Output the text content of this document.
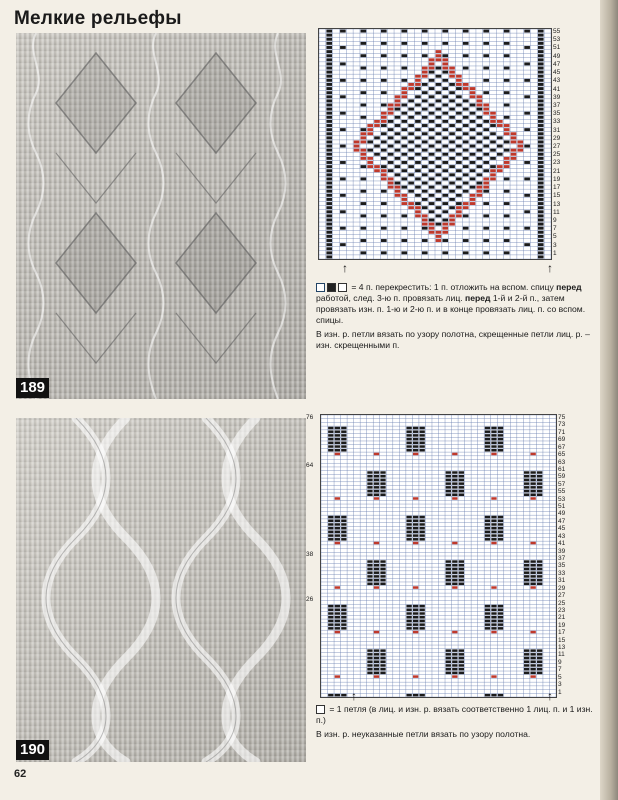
Мелкие рельефы
189
55
53
51
49
47
45
43
41
39
37
35
33
31
29
27
25
23
21
19
17
15
13
11
9
7
5
3
1
↑	↑

= 4 п. перекрестить: 1 п. отложить на вспом. спицу перед работой, след. 3-ю п. провязать лиц. перед 1-й и 2-й п., затем провязать изн. п. 1-ю и 2-ю п. и в конце провязать лиц. п. со вспом. спицы.

В изн. р. петли вязать по узору полотна, скрещенные петли лиц. р. – изн. скрещенными п.

190
75
73
71
69
67
65
63
61
59
57
55
53
51
49
47
45
43
41
39
37
35
33
31
29
27
25
23
21
19
17
15
13
11
9
7
5
3
1
76
64
38
26
↑	↑

= 1 петля (в лиц. и изн. р. вязать соответственно 1 лиц. п. и 1 изн. п.)

В изн. р. неуказанные петли вязать по узору полотна.

62
